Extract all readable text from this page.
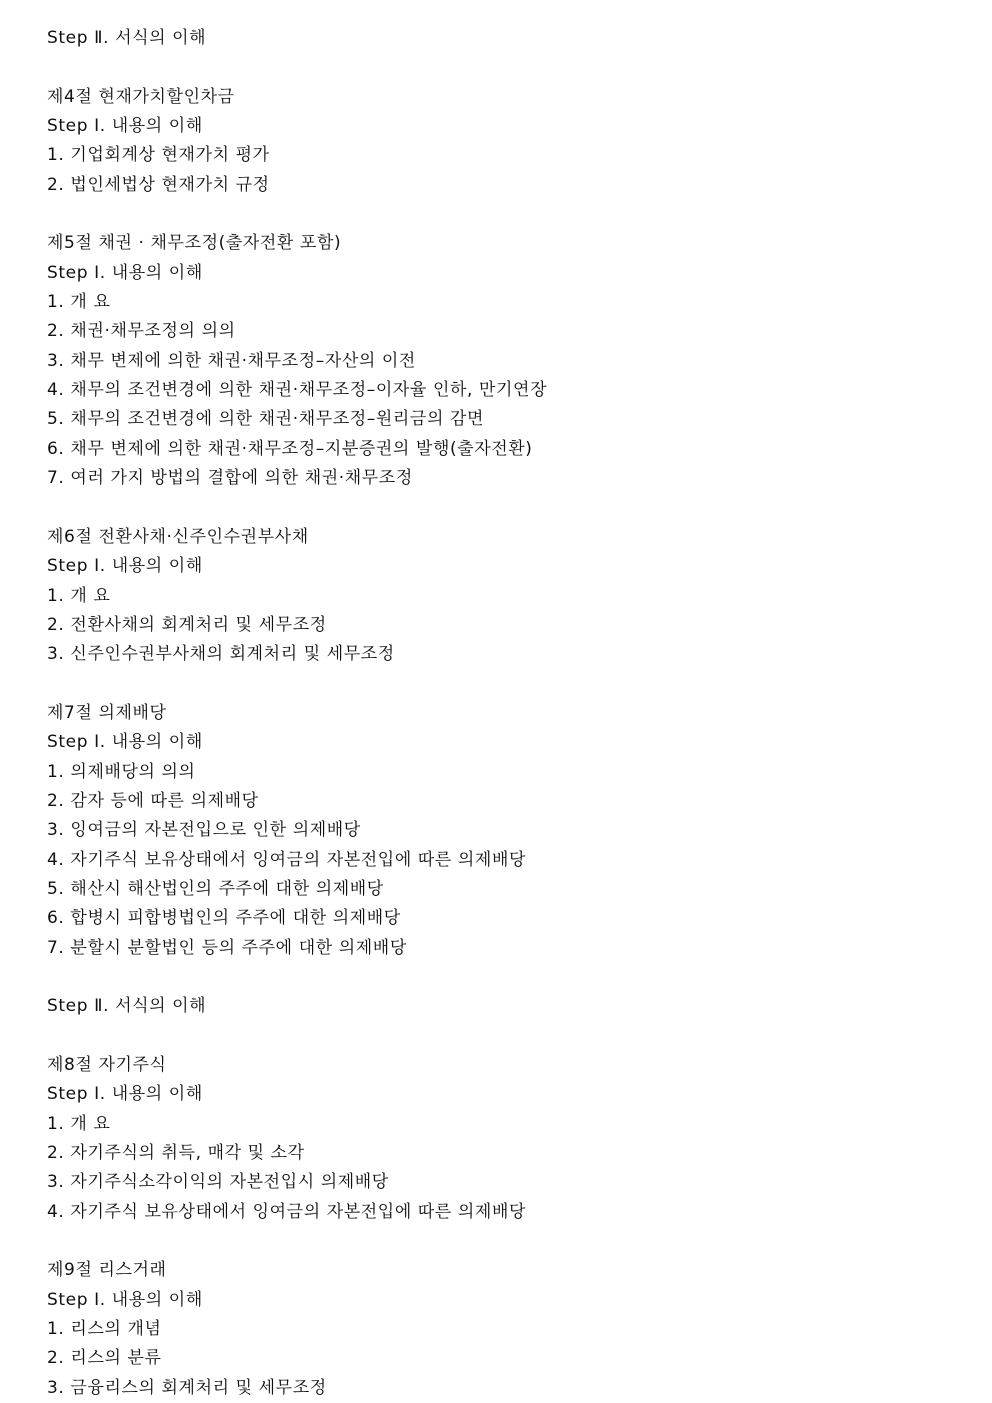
Step Ⅱ. 서식의 이해
제4절 현재가치할인차금
Step Ⅰ. 내용의 이해
1. 기업회계상 현재가치 평가
2. 법인세법상 현재가치 규정
제5절 채권 · 채무조정(출자전환 포함)
Step Ⅰ. 내용의 이해
1. 개 요
2. 채권·채무조정의 의의
3. 채무 변제에 의한 채권·채무조정–자산의 이전
4. 채무의 조건변경에 의한 채권·채무조정–이자율 인하, 만기연장
5. 채무의 조건변경에 의한 채권·채무조정–원리금의 감면
6. 채무 변제에 의한 채권·채무조정–지분증권의 발행(출자전환)
7. 여러 가지 방법의 결합에 의한 채권·채무조정
제6절 전환사채·신주인수권부사채
Step Ⅰ. 내용의 이해
1. 개 요
2. 전환사채의 회계처리 및 세무조정
3. 신주인수권부사채의 회계처리 및 세무조정
제7절 의제배당
Step Ⅰ. 내용의 이해
1. 의제배당의 의의
2. 감자 등에 따른 의제배당
3. 잉여금의 자본전입으로 인한 의제배당
4. 자기주식 보유상태에서 잉여금의 자본전입에 따른 의제배당
5. 해산시 해산법인의 주주에 대한 의제배당
6. 합병시 피합병법인의 주주에 대한 의제배당
7. 분할시 분할법인 등의 주주에 대한 의제배당
Step Ⅱ. 서식의 이해
제8절 자기주식
Step Ⅰ. 내용의 이해
1. 개 요
2. 자기주식의 취득, 매각 및 소각
3. 자기주식소각이익의 자본전입시 의제배당
4. 자기주식 보유상태에서 잉여금의 자본전입에 따른 의제배당
제9절 리스거래
Step Ⅰ. 내용의 이해
1. 리스의 개념
2. 리스의 분류
3. 금융리스의 회계처리 및 세무조정
